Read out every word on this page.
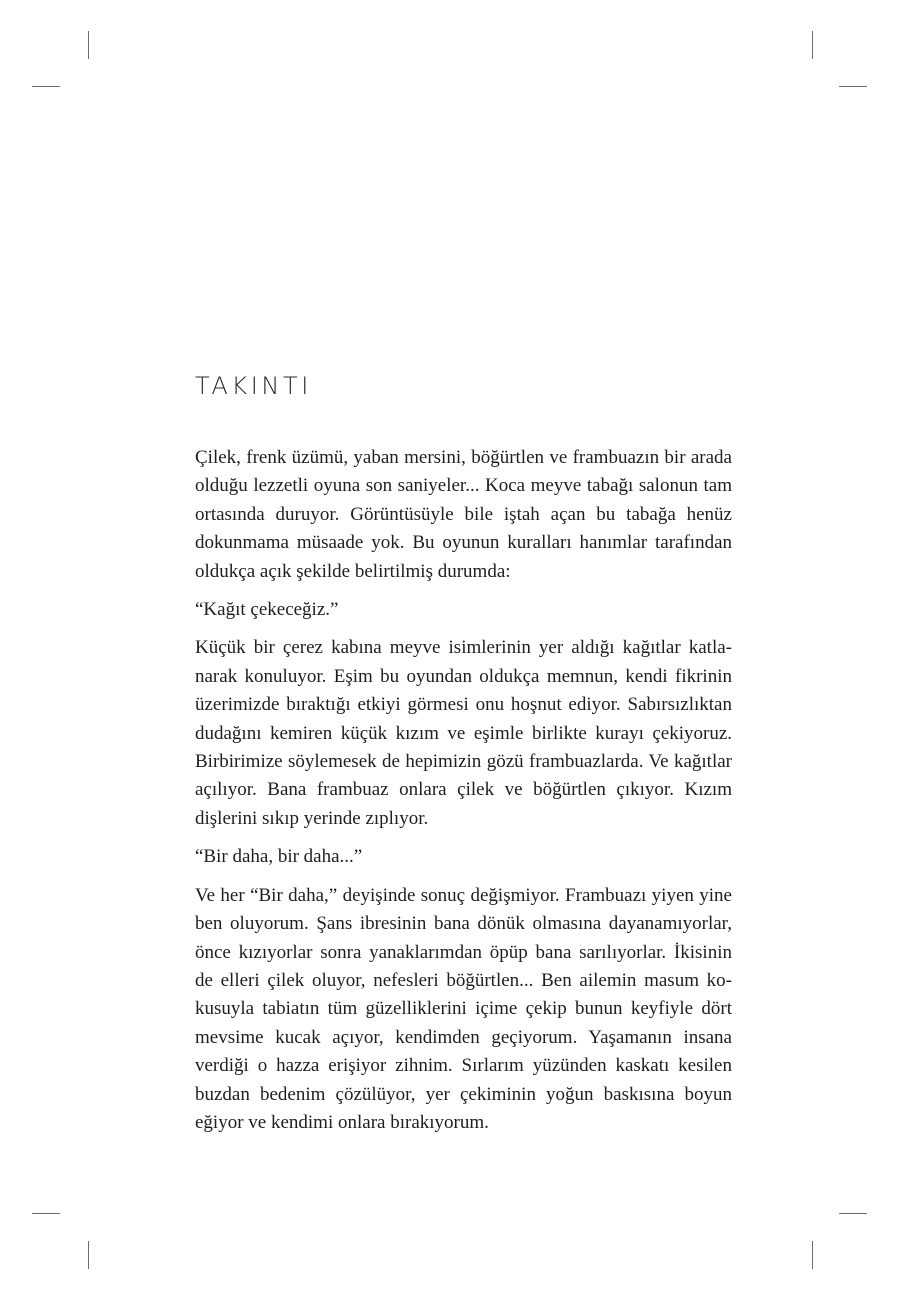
TAKINTI

Çilek, frenk üzümü, yaban mersini, böğürtlen ve frambuazın bir arada olduğu lezzetli oyuna son saniyeler... Koca meyve tabağı salonun tam ortasında duruyor. Görüntüsüyle bile iştah açan bu tabağa henüz dokunmama müsaade yok. Bu oyunun kuralları hanımlar tarafından oldukça açık şekilde belirtilmiş durumda:

“Kağıt çekeceğiz.”

Küçük bir çerez kabına meyve isimlerinin yer aldığı kağıtlar katlanarak konuluyor. Eşim bu oyundan oldukça memnun, kendi fikrinin üzerimizde bıraktığı etkiyi görmesi onu hoşnut ediyor. Sabırsızlıktan dudağını kemiren küçük kızım ve eşimle birlikte kurayı çekiyoruz. Birbirimize söylemesek de hepimizin gözü frambuazlarda. Ve kağıtlar açılıyor. Bana frambuaz onlara çilek ve böğürtlen çıkıyor. Kızım dişlerini sıkıp yerinde zıplıyor.

“Bir daha, bir daha...”

Ve her “Bir daha,” deyişinde sonuç değişmiyor. Frambuazı yiyen yine ben oluyorum. Şans ibresinin bana dönük olmasına dayanamıyorlar, önce kızıyorlar sonra yanaklarımdan öpüp bana sarılıyorlar. İkisinin de elleri çilek oluyor, nefesleri böğürtlen... Ben ailemin masum kokusuyla tabiatın tüm güzelliklerini içime çekip bunun keyfiyle dört mevsime kucak açıyor, kendimden geçiyorum. Yaşamanın insana verdiği o hazza erişiyor zihnim. Sırlarım yüzünden kaskatı kesilen buzdan bedenim çözülüyor, yer çekiminin yoğun baskısına boyun eğiyor ve kendimi onlara bırakıyorum.
